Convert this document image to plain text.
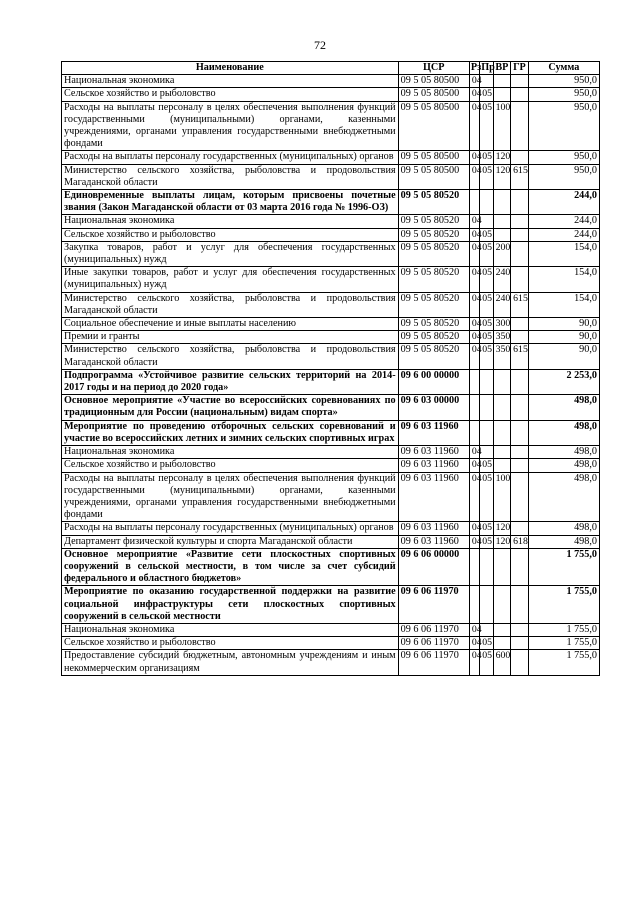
72
Наименование	ЦСР	Рз	Пр	ВР	ГР	Сумма
Национальная экономика	09 5 05 80500	04				950,0
Сельское хозяйство и рыболовство	09 5 05 80500	04	05			950,0
Расходы на выплаты персоналу в целях обеспечения выполнения функций государственными (муниципальными) органами, казенными учреждениями, органами управления государственными внебюджетными фондами	09 5 05 80500	04	05	100		950,0
Расходы на выплаты персоналу государственных (муниципальных) органов	09 5 05 80500	04	05	120		950,0
Министерство сельского хозяйства, рыболовства и продовольствия Магаданской области	09 5 05 80500	04	05	120	615	950,0
Единовременные выплаты лицам, которым присвоены почетные звания (Закон Магаданской области от 03 марта 2016 года № 1996-ОЗ)	09 5 05 80520					244,0
Национальная экономика	09 5 05 80520	04				244,0
Сельское хозяйство и рыболовство	09 5 05 80520	04	05			244,0
Закупка товаров, работ и услуг для обеспечения государственных (муниципальных) нужд	09 5 05 80520	04	05	200		154,0
Иные закупки товаров, работ и услуг для обеспечения государственных (муниципальных) нужд	09 5 05 80520	04	05	240		154,0
Министерство сельского хозяйства, рыболовства и продовольствия Магаданской области	09 5 05 80520	04	05	240	615	154,0
Социальное обеспечение и иные выплаты населению	09 5 05 80520	04	05	300		90,0
Премии и гранты	09 5 05 80520	04	05	350		90,0
Министерство сельского хозяйства, рыболовства и продовольствия Магаданской области	09 5 05 80520	04	05	350	615	90,0
Подпрограмма «Устойчивое развитие сельских территорий на 2014-2017 годы и на период до 2020 года»	09 6 00 00000					2 253,0
Основное мероприятие «Участие во всероссийских соревнованиях по традиционным для России (национальным) видам спорта»	09 6 03 00000					498,0
Мероприятие по проведению отборочных сельских соревнований и участие во всероссийских летних и зимних сельских спортивных играх	09 6 03 11960					498,0
Национальная экономика	09 6 03 11960	04				498,0
Сельское хозяйство и рыболовство	09 6 03 11960	04	05			498,0
Расходы на выплаты персоналу в целях обеспечения выполнения функций государственными (муниципальными) органами, казенными учреждениями, органами управления государственными внебюджетными фондами	09 6 03 11960	04	05	100		498,0
Расходы на выплаты персоналу государственных (муниципальных) органов	09 6 03 11960	04	05	120		498,0
Департамент физической культуры и спорта Магаданской области	09 6 03 11960	04	05	120	618	498,0
Основное мероприятие «Развитие сети плоскостных спортивных сооружений в сельской местности, в том числе за счет субсидий федерального и областного бюджетов»	09 6 06 00000					1 755,0
Мероприятие по оказанию государственной поддержки на развитие социальной инфраструктуры сети плоскостных спортивных сооружений в сельской местности	09 6 06 11970					1 755,0
Национальная экономика	09 6 06 11970	04				1 755,0
Сельское хозяйство и рыболовство	09 6 06 11970	04	05			1 755,0
Предоставление субсидий бюджетным, автономным учреждениям и иным некоммерческим организациям	09 6 06 11970	04	05	600		1 755,0
